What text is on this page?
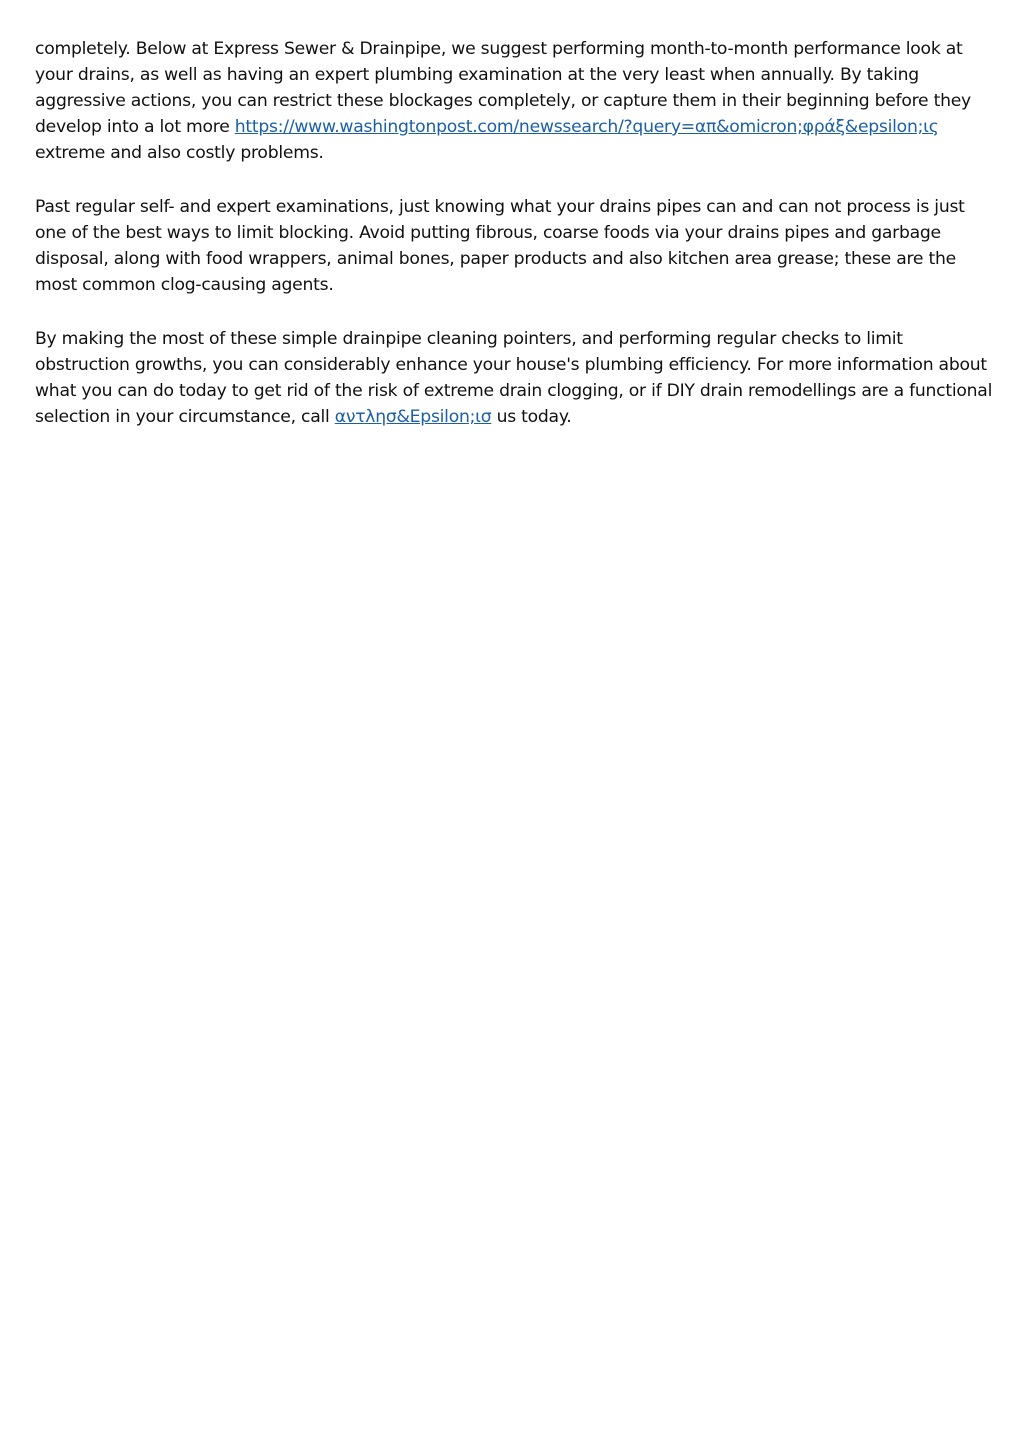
completely. Below at Express Sewer & Drainpipe, we suggest performing month-to-month performance look at your drains, as well as having an expert plumbing examination at the very least when annually. By taking aggressive actions, you can restrict these blockages completely, or capture them in their beginning before they develop into a lot more https://www.washingtonpost.com/newssearch/?query=απ&omicron;φράξ&epsilon;ις extreme and also costly problems.

Past regular self- and expert examinations, just knowing what your drains pipes can and can not process is just one of the best ways to limit blocking. Avoid putting fibrous, coarse foods via your drains pipes and garbage disposal, along with food wrappers, animal bones, paper products and also kitchen area grease; these are the most common clog-causing agents.

By making the most of these simple drainpipe cleaning pointers, and performing regular checks to limit obstruction growths, you can considerably enhance your house's plumbing efficiency. For more information about what you can do today to get rid of the risk of extreme drain clogging, or if DIY drain remodellings are a functional selection in your circumstance, call αντλησ&Epsilon;ισ us today.
